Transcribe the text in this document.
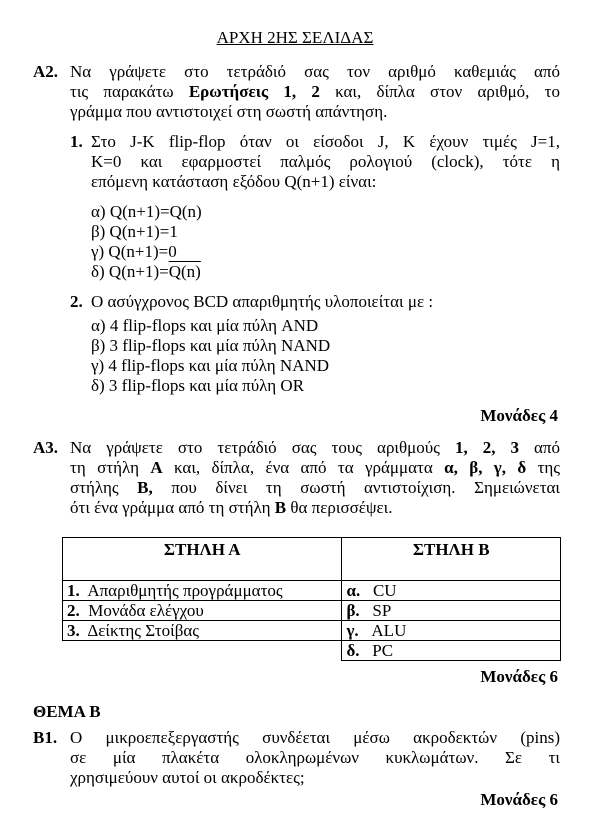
ΑΡΧΗ 2ΗΣ ΣΕΛΙΔΑΣ
Α2. Να γράψετε στο τετράδιό σας τον αριθμό καθεμιάς από
τις παρακάτω Ερωτήσεις 1, 2 και, δίπλα στον αριθμό, το
γράμμα που αντιστοιχεί στη σωστή απάντηση.
1. Στο J-K flip-flop όταν οι είσοδοι J, K έχουν τιμές J=1,
K=0 και εφαρμοστεί παλμός ρολογιού (clock), τότε η
επόμενη κατάσταση εξόδου Q(n+1) είναι:
α) Q(n+1)=Q(n)
β) Q(n+1)=1
γ) Q(n+1)=0
δ) Q(n+1)=Q(n)
2. Ο ασύγχρονος BCD απαριθμητής υλοποιείται με :
α) 4 flip-flops και μία πύλη AND
β) 3 flip-flops και μία πύλη NAND
γ) 4 flip-flops και μία πύλη NAND
δ) 3 flip-flops και μία πύλη OR
Μονάδες 4
Α3. Να γράψετε στο τετράδιό σας τους αριθμούς 1, 2, 3 από
τη στήλη Α και, δίπλα, ένα από τα γράμματα α, β, γ, δ της
στήλης Β, που δίνει τη σωστή αντιστοίχιση. Σημειώνεται
ότι ένα γράμμα από τη στήλη Β θα περισσέψει.
ΣΤΗΛΗ Α	ΣΤΗΛΗ Β
1. Απαριθμητής προγράμματος	α. CU
2. Μονάδα ελέγχου	β. SP
3. Δείκτης Στοίβας	γ. ALU
	δ. PC
Μονάδες 6
ΘΕΜΑ Β
Β1. Ο μικροεπεξεργαστής συνδέεται μέσω ακροδεκτών (pins)
σε μία πλακέτα ολοκληρωμένων κυκλωμάτων. Σε τι
χρησιμεύουν αυτοί οι ακροδέκτες;
Μονάδες 6
